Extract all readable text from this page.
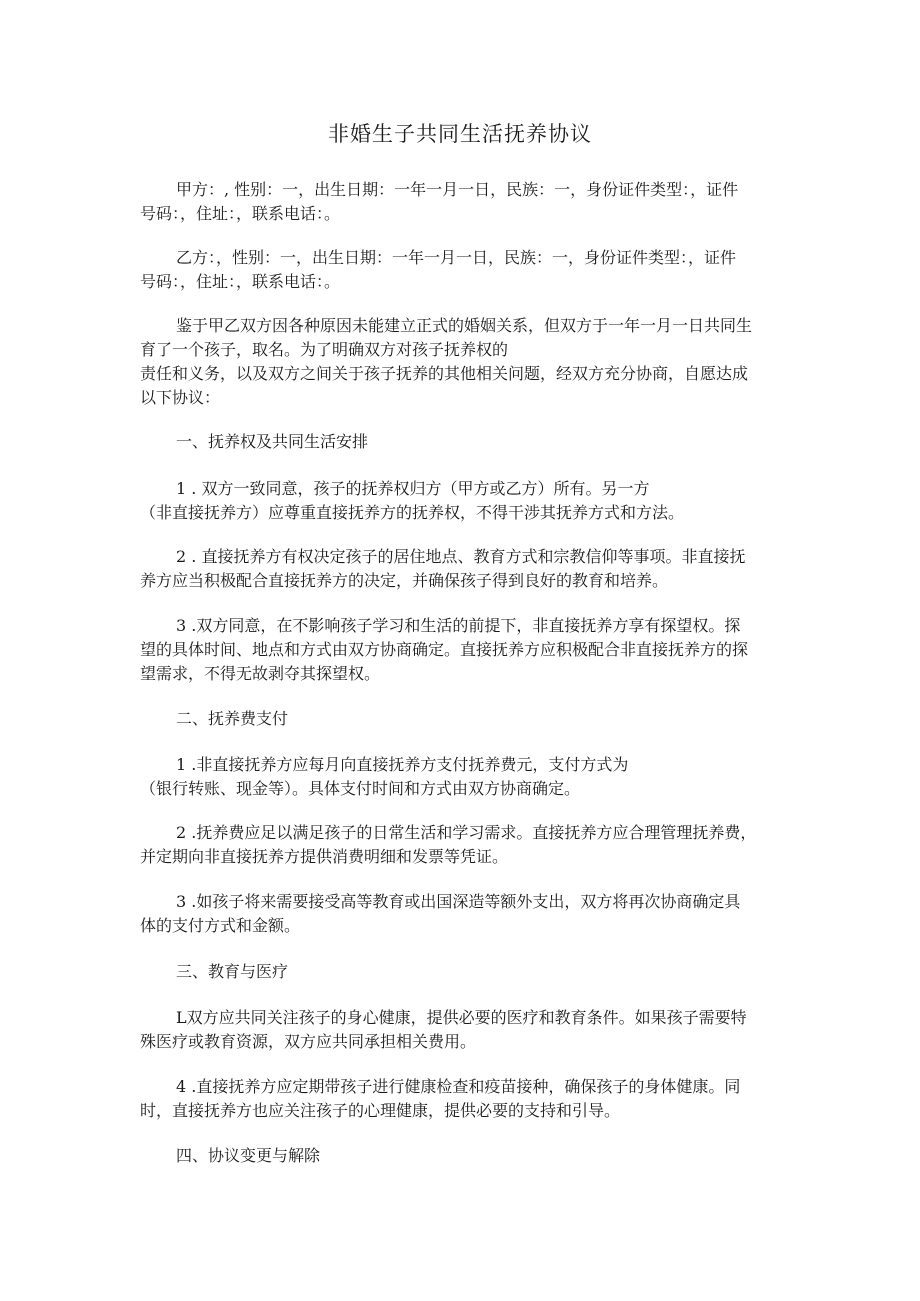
非婚生子共同生活抚养协议
甲方：, 性别：一，出生日期：一年一月一日，民族：一，身份证件类型：，证件
号码：，住址：，联系电话：。
乙方：，性别：一，出生日期：一年一月一日，民族：一，身份证件类型：，证件
号码：，住址：，联系电话：。
鉴于甲乙双方因各种原因未能建立正式的婚姻关系，但双方于一年一月一日共同生
育了一个孩子，取名。为了明确双方对孩子抚养权的
责任和义务，以及双方之间关于孩子抚养的其他相关问题，经双方充分协商，自愿达成
以下协议：
一、抚养权及共同生活安排
1 . 双方一致同意，孩子的抚养权归方（甲方或乙方）所有。另一方
（非直接抚养方）应尊重直接抚养方的抚养权，不得干涉其抚养方式和方法。
2 . 直接抚养方有权决定孩子的居住地点、教育方式和宗教信仰等事项。非直接抚
养方应当积极配合直接抚养方的决定，并确保孩子得到良好的教育和培养。
3 .双方同意，在不影响孩子学习和生活的前提下，非直接抚养方享有探望权。探
望的具体时间、地点和方式由双方协商确定。直接抚养方应积极配合非直接抚养方的探
望需求，不得无故剥夺其探望权。
二、抚养费支付
1 .非直接抚养方应每月向直接抚养方支付抚养费元，支付方式为
（银行转账、现金等）。具体支付时间和方式由双方协商确定。
2 .抚养费应足以满足孩子的日常生活和学习需求。直接抚养方应合理管理抚养费，
并定期向非直接抚养方提供消费明细和发票等凭证。
3 .如孩子将来需要接受高等教育或出国深造等额外支出，双方将再次协商确定具
体的支付方式和金额。
三、教育与医疗
L双方应共同关注孩子的身心健康，提供必要的医疗和教育条件。如果孩子需要特
殊医疗或教育资源，双方应共同承担相关费用。
4 .直接抚养方应定期带孩子进行健康检查和疫苗接种，确保孩子的身体健康。同
时，直接抚养方也应关注孩子的心理健康，提供必要的支持和引导。
四、协议变更与解除
